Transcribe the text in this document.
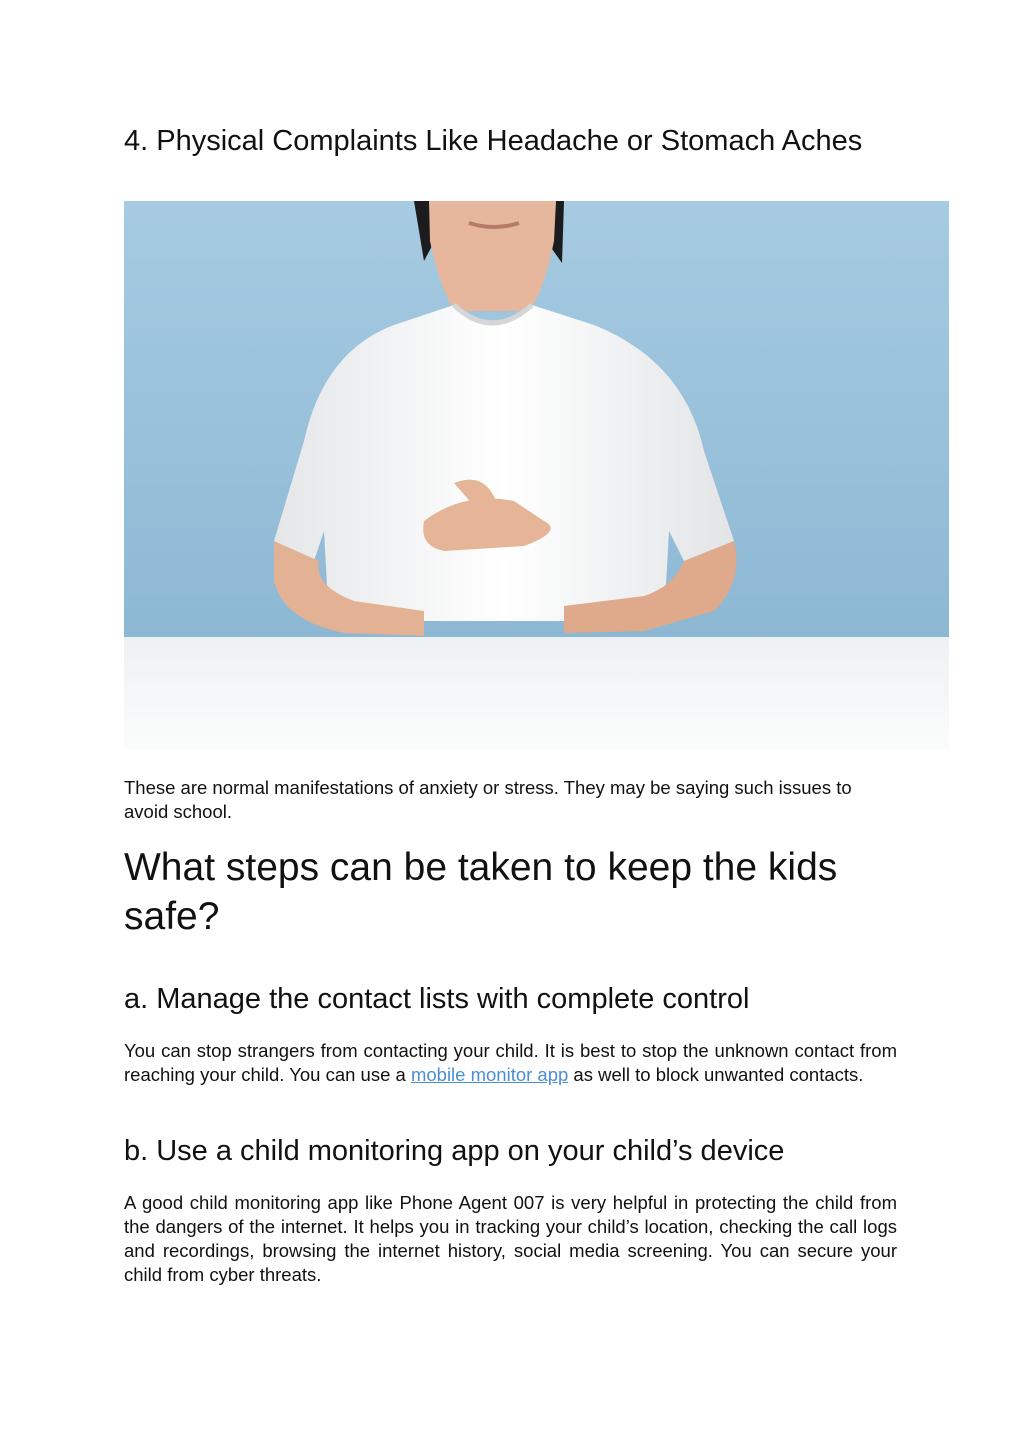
4. Physical Complaints Like Headache or Stomach Aches

These are normal manifestations of anxiety or stress. They may be saying such issues to avoid school.

What steps can be taken to keep the kids safe?
a. Manage the contact lists with complete control

You can stop strangers from contacting your child. It is best to stop the unknown contact from reaching your child. You can use a mobile monitor app as well to block unwanted contacts.

b. Use a child monitoring app on your child’s device

A good child monitoring app like Phone Agent 007 is very helpful in protecting the child from the dangers of the internet. It helps you in tracking your child’s location, checking the call logs and recordings, browsing the internet history, social media screening. You can secure your child from cyber threats.
